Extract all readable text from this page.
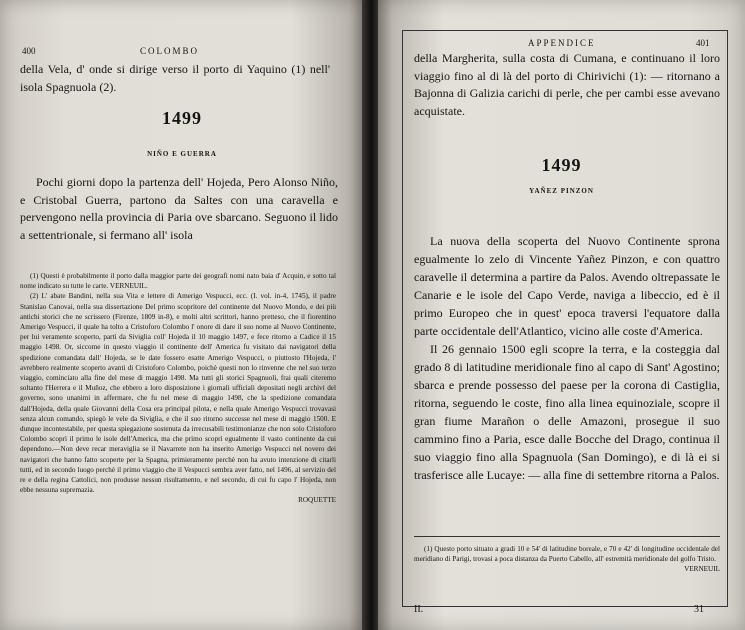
400	COLOMBO

della Vela, d' onde si dirige verso il porto di Yaquino (1) nell' isola Spagnuola (2).

1499
NIÑO E GUERRA

Pochi giorni dopo la partenza dell' Hojeda, Pero Alonso Niño, e Cristobal Guerra, partono da Saltes con una caravella e pervengono nella provincia di Paria ove sbarcano. Seguono il lido a settentrionale, si fermano all' isola

(1) Questi è probabilmente il porto dalla maggior parte dei geografi nomi nato baia d' Acquin, e sotto tal nome indicato su tutte le carte. VERNEUIL.

(2) L' abate Bandini, nella sua Vita e lettere di Amerigo Vespucci, ecc. (I. vol. in-4, 1745), il padre Stanislao Canovai, nella sua dissertazione Del primo scopritore del continente del Nuovo Mondo, e dei più antichi storici che ne scrissero (Firenze, 1809 in-8), e molti altri scrittori, hanno pretteso, che il fiorentino Amerigo Vespucci, il quale ha tolto a Cristoforo Colombo l' onore di dare il suo nome al Nuovo Continente, per lui veramente scoperto, partì da Siviglia coll' Hojeda il 10 maggio 1497, e fece ritorno a Cadice il 15 maggio 1498. Or, siccome in questo viaggio il continente dell' America fu visitato dai navigatori della spedizione comandata dall' Hojeda, se le date fossero esatte Amerigo Vespucci, o piuttosto l'Hojeda, l' avrebbero realmente scoperto avanti di Cristoforo Colombo, poichè questi non lo rinvenne che nel suo terzo viaggio, cominciato alla fine del mese di maggio 1498. Ma tutti gli storici Spagnuoli, frai quali citeremo soltanto l'Herrera e il Muñoz, che ebbero a loro disposizione i giornali ufficiali depositati negli archivi del governo, sono unanimi in affermare, che fu nel mese di maggio 1498, che la spedizione comandata dall'Hojeda, della quale Giovanni della Cosa era principal pilota, e nella quale Amerigo Vespucci trovavasi senza alcun comando, spiegò le vele da Siviglia, e che il suo ritorno successe nel mese di maggio 1500. E dunque incontestabile, per questa spiegazione sostenuta da irrecusabili testimonianze che non solo Cristoforo Colombo scoprì il primo le isole dell'America, ma che primo scoprì egualmente il vasto continente da cui dependono.—Non deve recar meraviglia se il Navarrete non ha inserito Amerigo Vespucci nel novero dei navigatori che hanno fatto scoperte per la Spagna, primieramente perchè non ha avuto intenzione di citarli tutti, ed in secondo luogo perchè il primo viaggio che il Vespucci sembra aver fatto, nel 1496, al servizio del re e della regina Cattolici, non produsse nessun risultamento, e nel secondo, di cui fu capo l' Hojeda, non ebbe nessuna supremazia.

ROQUETTE
APPENDICE	401

della Margherita, sulla costa di Cumana, e continuano il loro viaggio fino al di là del porto di Chirivichi (1): — ritornano a Bajonna di Galizia carichi di perle, che per cambi esse avevano acquistate.

1499
YAÑEZ PINZON

La nuova della scoperta del Nuovo Continente sprona egualmente lo zelo di Vincente Yañez Pinzon, e con quattro caravelle il determina a partire da Palos. Avendo oltrepassate le Canarie e le isole del Capo Verde, naviga a libeccio, ed è il primo Europeo che in quest' epoca traversi l'equatore dalla parte occidentale dell'Atlantico, vicino alle coste d'America.

Il 26 gennaio 1500 egli scopre la terra, e la costeggia dal grado 8 di latitudine meridionale fino al capo di Sant' Agostino; sbarca e prende possesso del paese per la corona di Castiglia, ritorna, seguendo le coste, fino alla linea equinoziale, scopre il gran fiume Marañon o delle Amazoni, prosegue il suo cammino fino a Paria, esce dalle Bocche del Drago, continua il suo viaggio fino alla Spagnuola (San Domingo), e di là ei si trasferisce alle Lucaye: — alla fine di settembre ritorna a Palos.

(1) Questo porto situato a gradi 10 e 54' di latitudine boreale, e 70 e 42' di longitudine occidentale del meridiano di Parigi, trovasi a poca distanza da Puerto Cabello, all' estremità meridionale del golfo Tristo.

VERNEUIL
II.	31
